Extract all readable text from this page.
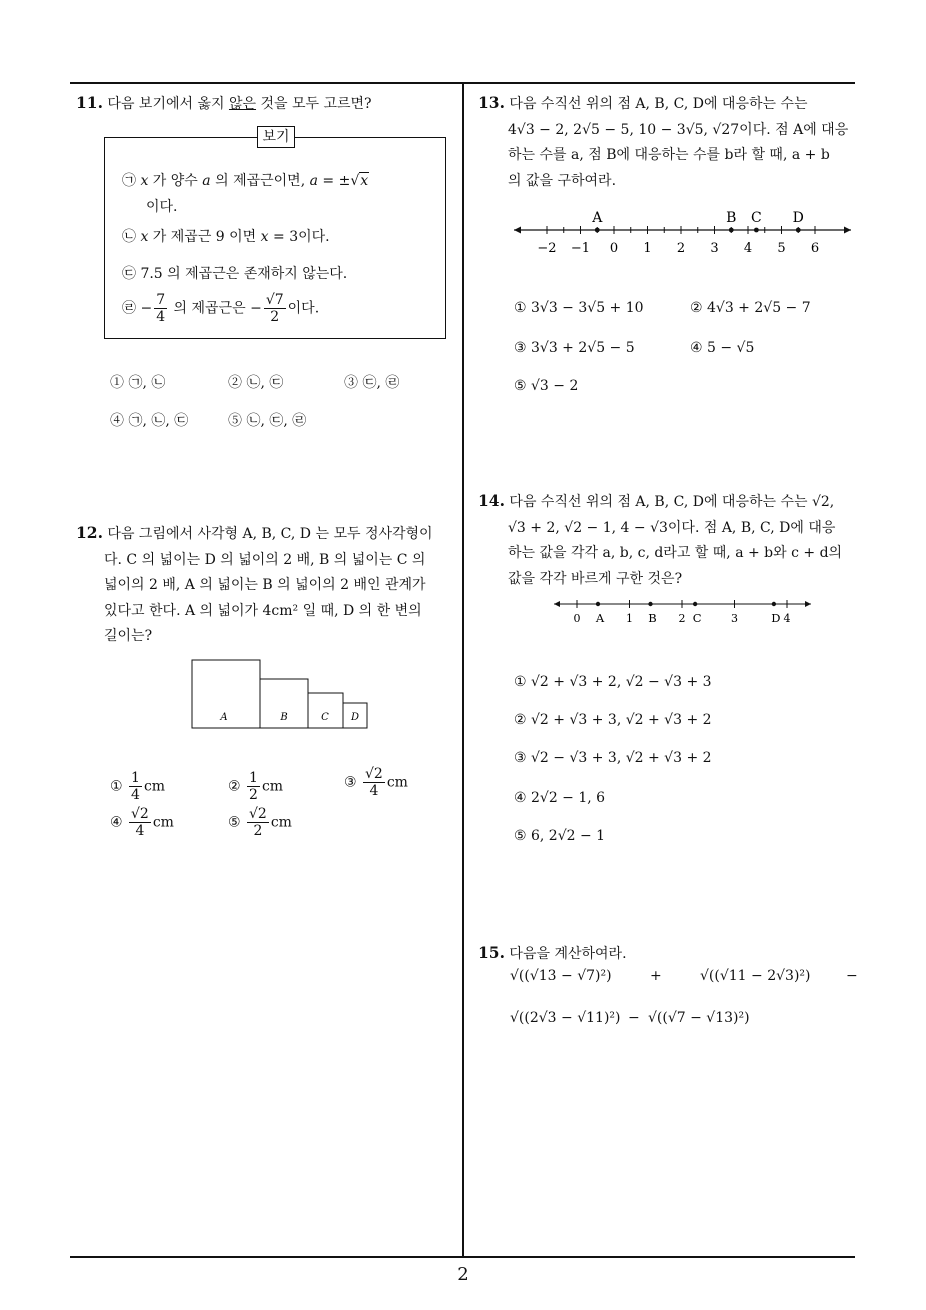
2
11. 다음 보기에서 옳지 않은 것을 모두 고르면?
보기
㉠ x 가 양수 a 의 제곱근이면, a = ±√ x
이다.
㉡ x 가 제곱근 9 이면 x = 3이다.
㉢ 7.5 의 제곱근은 존재하지 않는다.
㉣ − $\frac{7}{4}$ 의 제곱근은 − $\frac{√7}{2}$ 이다.
① ㉠, ㉡	② ㉡, ㉢	③ ㉢, ㉣
④ ㉠, ㉡, ㉢	⑤ ㉡, ㉢, ㉣
12. 다음 그림에서 사각형 A, B, C, D 는 모두 정사각형이
다. C 의 넓이는 D 의 넓이의 2 배, B 의 넓이는 C 의
넓이의 2 배, A 의 넓이는 B 의 넓이의 2 배인 관계가
있다고 한다. A 의 넓이가 4cm² 일 때, D 의 한 변의
길이는?
A	B	C D
① $\frac{1}{4}$ cm	② $\frac{1}{2}$ cm	③ $\frac{√2}{4}$ cm
④ $\frac{√2}{4}$ cm	⑤ $\frac{√2}{2}$ cm
13. 다음 수직선 위의 점 A, B, C, D에 대응하는 수는
4√3 − 2, 2√5 − 5, 10 − 3√5, √27이다. 점 A에 대응
하는 수를 a, 점 B에 대응하는 수를 b라 할 때, a + b
의 값을 구하여라.
−2 −1 0 1 2 3 4 5 6
A	B C D
① 3√3 − 3√5 + 10	② 4√3 + 2√5 − 7
③ 3√3 + 2√5 − 5	④ 5 − √5
⑤ √3 − 2
14. 다음 수직선 위의 점 A, B, C, D에 대응하는 수는 √2,
√3 + 2, √2 − 1, 4 − √3이다. 점 A, B, C, D에 대응
하는 값을 각각 a, b, c, d라고 할 때, a + b와 c + d의
값을 각각 바르게 구한 것은?
0	1	2	3	4
A	B	C	D
① √2 + √3 + 2, √2 − √3 + 3
② √2 + √3 + 3, √2 + √3 + 2
③ √2 − √3 + 3, √2 + √3 + 2
④ 2√2 − 1, 6
⑤ 6, 2√2 − 1
15. 다음을 계산하여라.
√((√13 − √7)²)	+	√((√11 − 2√3)²)	−
√((2√3 − √11)²) − √((√7 − √13)²)
